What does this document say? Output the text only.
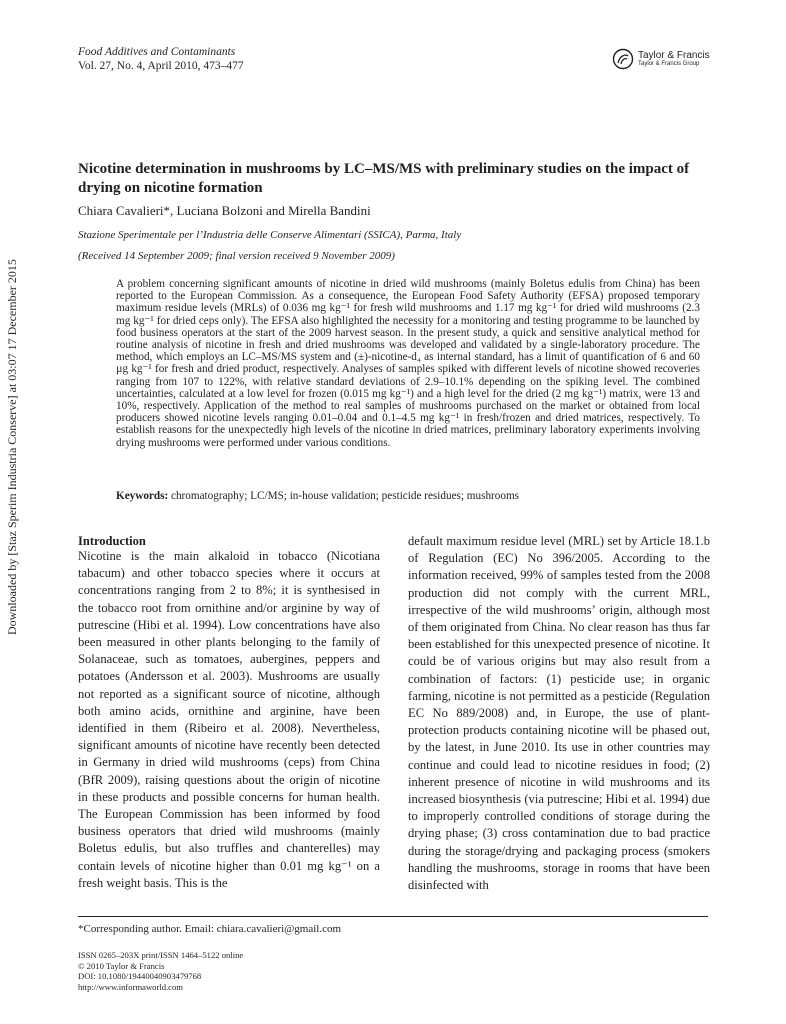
Food Additives and Contaminants
Vol. 27, No. 4, April 2010, 473–477
Taylor & Francis
Taylor & Francis Group
Downloaded by [Staz Sperim Industria Conserve] at 03:07 17 December 2015
Nicotine determination in mushrooms by LC–MS/MS with preliminary studies on the impact of drying on nicotine formation
Chiara Cavalieri*, Luciana Bolzoni and Mirella Bandini
Stazione Sperimentale per l’Industria delle Conserve Alimentari (SSICA), Parma, Italy
(Received 14 September 2009; final version received 9 November 2009)

A problem concerning significant amounts of nicotine in dried wild mushrooms (mainly Boletus edulis from China) has been reported to the European Commission. As a consequence, the European Food Safety Authority (EFSA) proposed temporary maximum residue levels (MRLs) of 0.036 mg kg⁻¹ for fresh wild mushrooms and 1.17 mg kg⁻¹ for dried wild mushrooms (2.3 mg kg⁻¹ for dried ceps only). The EFSA also highlighted the necessity for a monitoring and testing programme to be launched by food business operators at the start of the 2009 harvest season. In the present study, a quick and sensitive analytical method for routine analysis of nicotine in fresh and dried mushrooms was developed and validated by a single-laboratory procedure. The method, which employs an LC–MS/MS system and (±)-nicotine-d₄ as internal standard, has a limit of quantification of 6 and 60 µg kg⁻¹ for fresh and dried product, respectively. Analyses of samples spiked with different levels of nicotine showed recoveries ranging from 107 to 122%, with relative standard deviations of 2.9–10.1% depending on the spiking level. The combined uncertainties, calculated at a low level for frozen (0.015 mg kg⁻¹) and a high level for the dried (2 mg kg⁻¹) matrix, were 13 and 10%, respectively. Application of the method to real samples of mushrooms purchased on the market or obtained from local producers showed nicotine levels ranging 0.01–0.04 and 0.1–4.5 mg kg⁻¹ in fresh/frozen and dried matrices, respectively. To establish reasons for the unexpectedly high levels of the nicotine in dried matrices, preliminary laboratory experiments involving drying mushrooms were performed under various conditions.

Keywords: chromatography; LC/MS; in-house validation; pesticide residues; mushrooms
Introduction

Nicotine is the main alkaloid in tobacco (Nicotiana tabacum) and other tobacco species where it occurs at concentrations ranging from 2 to 8%; it is synthesised in the tobacco root from ornithine and/or arginine by way of putrescine (Hibi et al. 1994). Low concentrations have also been measured in other plants belonging to the family of Solanaceae, such as tomatoes, aubergines, peppers and potatoes (Andersson et al. 2003). Mushrooms are usually not reported as a significant source of nicotine, although both amino acids, ornithine and arginine, have been identified in them (Ribeiro et al. 2008). Nevertheless, significant amounts of nicotine have recently been detected in Germany in dried wild mushrooms (ceps) from China (BfR 2009), raising questions about the origin of nicotine in these products and possible concerns for human health. The European Commission has been informed by food business operators that dried wild mushrooms (mainly Boletus edulis, but also truffles and chanterelles) may contain levels of nicotine higher than 0.01 mg kg⁻¹ on a fresh weight basis. This is the

default maximum residue level (MRL) set by Article 18.1.b of Regulation (EC) No 396/2005. According to the information received, 99% of samples tested from the 2008 production did not comply with the current MRL, irrespective of the wild mushrooms’ origin, although most of them originated from China. No clear reason has thus far been established for this unexpected presence of nicotine. It could be of various origins but may also result from a combination of factors: (1) pesticide use; in organic farming, nicotine is not permitted as a pesticide (Regulation EC No 889/2008) and, in Europe, the use of plant-protection products containing nicotine will be phased out, by the latest, in June 2010. Its use in other countries may continue and could lead to nicotine residues in food; (2) inherent presence of nicotine in wild mushrooms and its increased biosynthesis (via putrescine; Hibi et al. 1994) due to improperly controlled conditions of storage during the drying phase; (3) cross contamination due to bad practice during the storage/drying and packaging process (smokers handling the mushrooms, storage in rooms that have been disinfected with

*Corresponding author. Email: chiara.cavalieri@gmail.com
ISSN 0265–203X print/ISSN 1464–5122 online
© 2010 Taylor & Francis
DOI: 10.1080/19440040903479768
http://www.informaworld.com
